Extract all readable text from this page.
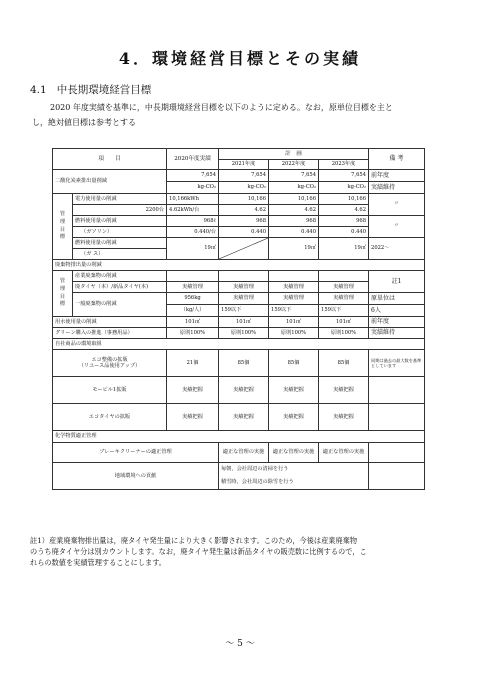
4．環境経営目標とその実績
4.1 中長期環境経営目標

2020 年度実績を基準に，中長期環境経営目標を以下のように定める。なお，原単位目標を主と

し，絶対値目標は参考とする

項　　目		2020年度実績	計　画			備 考
			2021年度	2022年度	2023年度	
二酸化炭素排出量削減		7,654	7,654	7,654	7,654	前年度
		kg-CO₂	kg-CO₂	kg-CO₂	kg-CO₂	実績維持
管
理
目
標	電力使用量の削減	10,166kWh	10,166	10,166	10,166	〃
	2200台	4.62kWh/台	4.62	4.62	4.62	
	燃料使用量の削減	968ℓ	968	968	968	〃
	（ガソリン）	0.440/台	0.440	0.440	0.440	
	燃料使用量の削減	19㎥		19㎥	19㎥	2022～
	（ガ ス）					
廃棄物排出量の削減						
管
理
目
標	産業廃棄物の削減					註1
	廃タイヤ（本）/新品タイヤ(本)	実績管理	実績管理	実績管理	実績管理	
	一般廃棄物の削減	956kg	実績管理	実績管理	実績管理	原単位は
		（kg/人）	159以下	159以下	159以下	6人
用水使用量の削減		101㎥	101㎥	101㎥	101㎥	前年度
グリーン購入の推進（事務用品）		原則100%	原則100%	原則100%	原則100%	実績維持
自社商品の環境取組						
エコ整備の拡販
（リユース品使用アップ）		21個	85個	85個	85個	同期は過去の最大数を基準としています
モービル1拡販		実績把握	実績把握	実績把握	実績把握	
エコタイヤの拡販		実績把握	実績把握	実績把握	実績把握	
化学物質適正管理						
ブレーキクリーナーの適正管理			適正な管理の実施	適正な管理の実施	適正な管理の実施	
地域環境への貢献			毎朝，会社周辺の清掃を行う
積雪時，会社周辺の除雪を行う			

註1）産業廃棄物排出量は，廃タイヤ発生量により大きく影響されます。このため，今後は産業廃棄物

のうち廃タイヤ分は別カウントします。なお，廃タイヤ発生量は新品タイヤの販売数に比例するので，こ

れらの数値を実績管理することにします。

～ 5 ～
